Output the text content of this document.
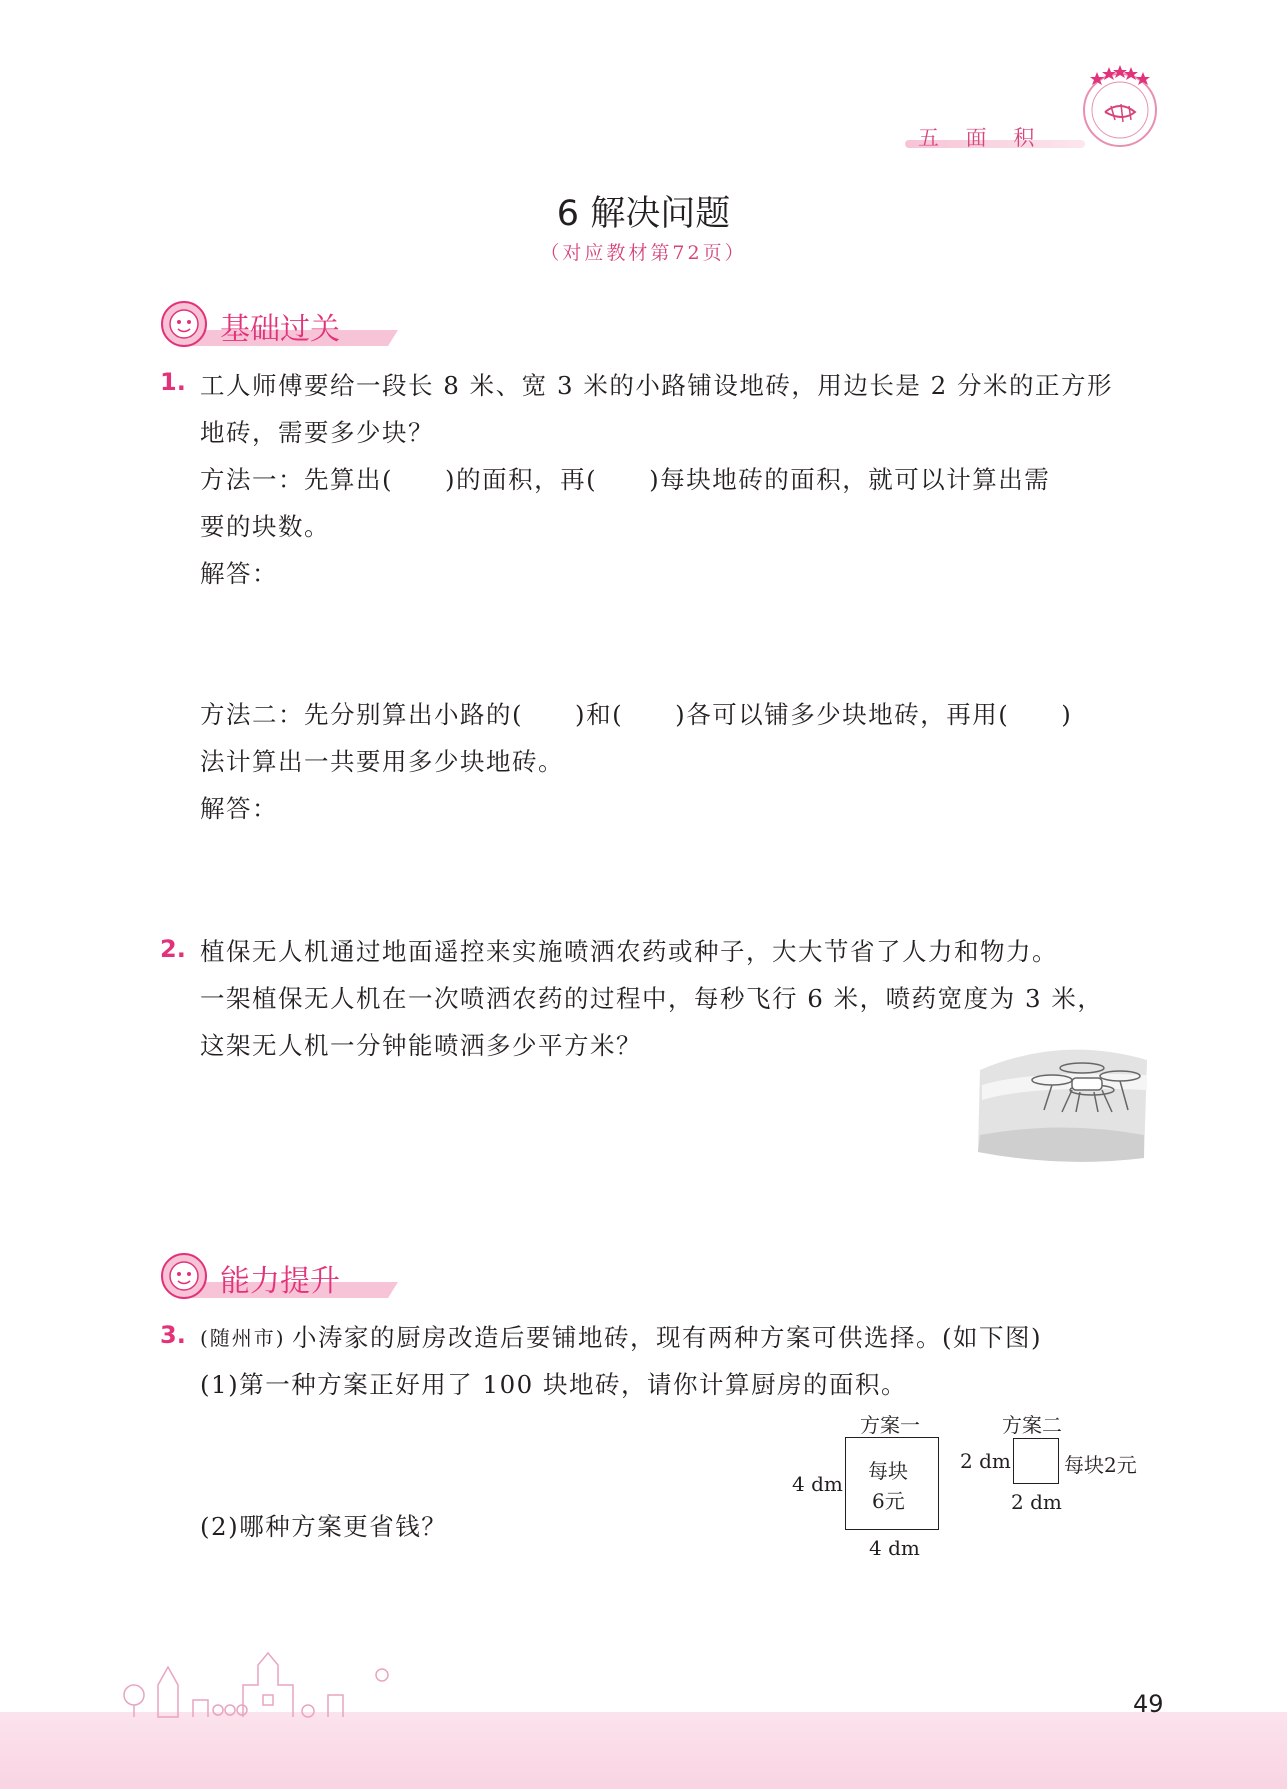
五 面 积
6 解决问题
（对应教材第72页）
基础过关
1. 工人师傅要给一段长 8 米、宽 3 米的小路铺设地砖，用边长是 2 分米的正方形
地砖，需要多少块？
方法一：先算出(　　)的面积，再(　　)每块地砖的面积，就可以计算出需
要的块数。
解答：
方法二：先分别算出小路的(　　)和(　　)各可以铺多少块地砖，再用(　　)
法计算出一共要用多少块地砖。
解答：
2. 植保无人机通过地面遥控来实施喷洒农药或种子，大大节省了人力和物力。
一架植保无人机在一次喷洒农药的过程中，每秒飞行 6 米，喷药宽度为 3 米，
这架无人机一分钟能喷洒多少平方米？
能力提升
3. (随州市) 小涛家的厨房改造后要铺地砖，现有两种方案可供选择。(如下图)
(1)第一种方案正好用了 100 块地砖，请你计算厨房的面积。
(2)哪种方案更省钱？
方案一
4 dm
每块
6元
4 dm
方案二
2 dm	每块2元
2 dm
49
